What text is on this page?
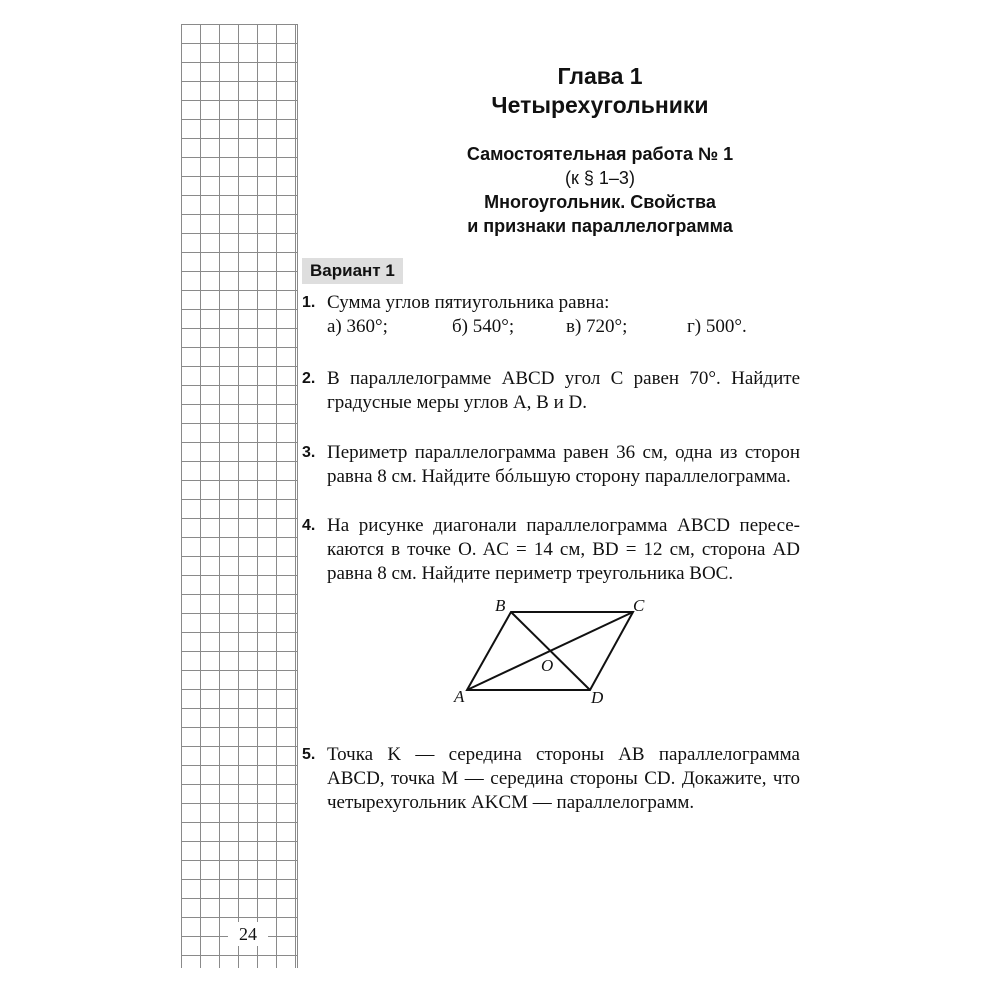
24
Глава 1
Четырехугольники
Самостоятельная работа № 1
(к § 1–3)
Многоугольник. Свойства
и признаки параллелограмма
Вариант 1
1. Сумма углов пятиугольника равна:
а) 360°;	б) 540°;	в) 720°;	г) 500°.
2. В параллелограмме ABCD угол C равен 70°. Найдите
градусные меры углов A, B и D.
3. Периметр параллелограмма равен 36 см, одна из сторон
равна 8 см. Найдите бóльшую сторону параллелограмма.
4. На рисунке диагонали параллелограмма ABCD пересе-
каются в точке O. AC = 14 см, BD = 12 см, сторона AD
равна 8 см. Найдите периметр треугольника BOC.
B	C
A	D
O
5. Точка K — середина стороны AB параллелограмма
ABCD, точка M — середина стороны CD. Докажите, что
четырехугольник AKCM — параллелограмм.
